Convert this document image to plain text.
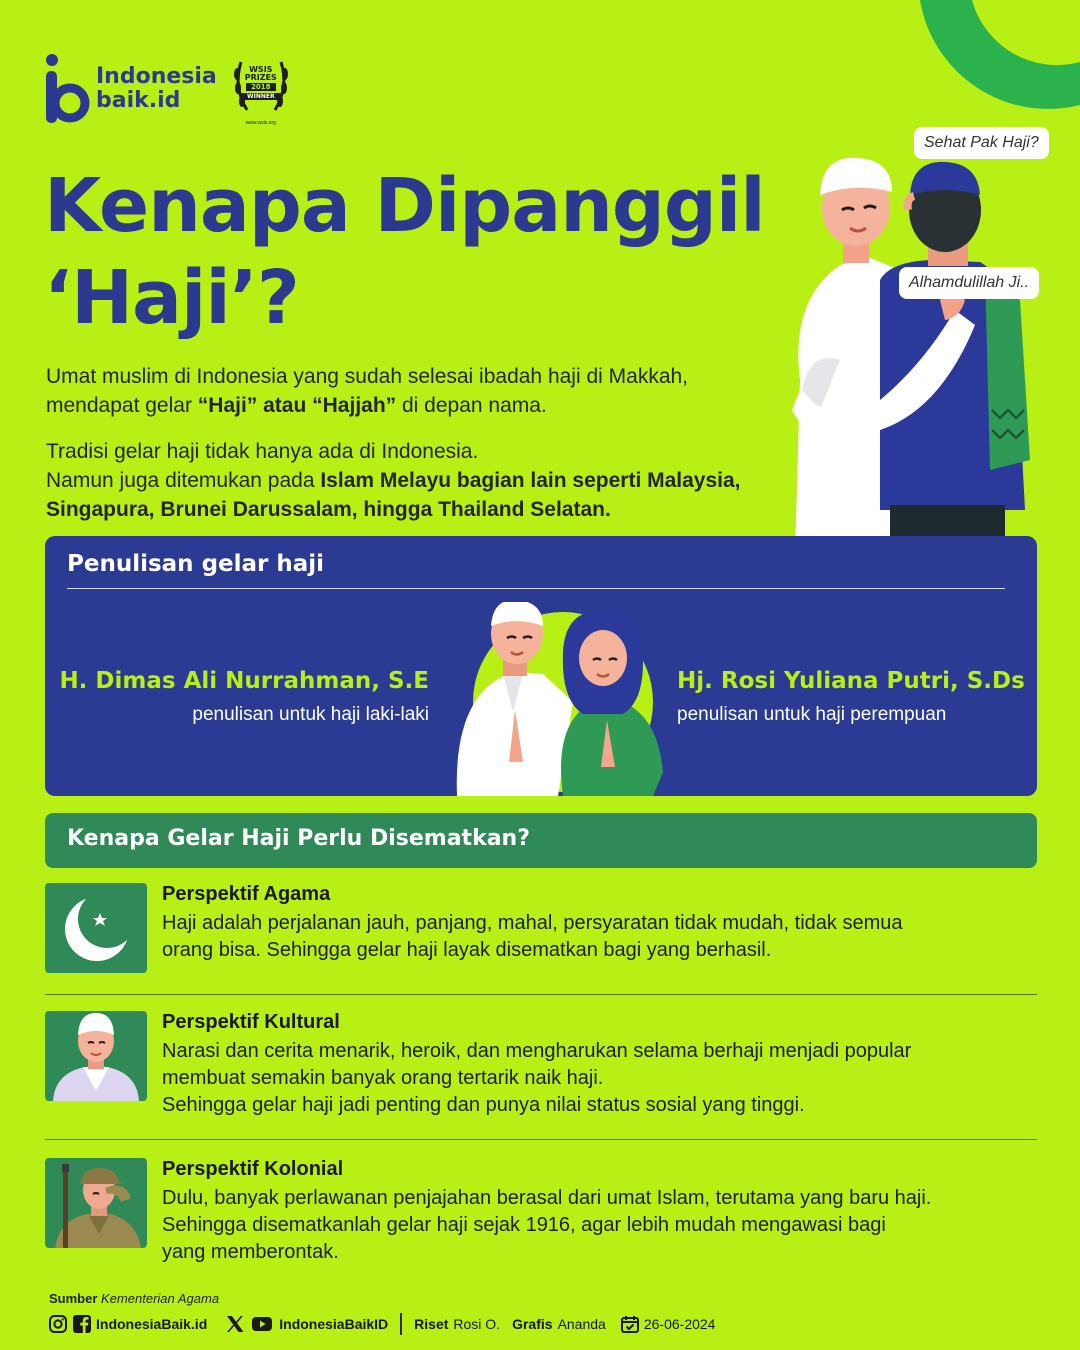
Indonesia
baik.id
WSIS
PRIZES
2018
WINNER
www.wsis.org
Kenapa Dipanggil
‘Haji’?
Sehat Pak Haji?
Alhamdulillah Ji..

Umat muslim di Indonesia yang sudah selesai ibadah haji di Makkah,
mendapat gelar “Haji” atau “Hajjah” di depan nama.

Tradisi gelar haji tidak hanya ada di Indonesia.
Namun juga ditemukan pada Islam Melayu bagian lain seperti Malaysia,
Singapura, Brunei Darussalam, hingga Thailand Selatan.

Penulisan gelar haji
H. Dimas Ali Nurrahman, S.E
penulisan untuk haji laki-laki
Hj. Rosi Yuliana Putri, S.Ds
penulisan untuk haji perempuan
Kenapa Gelar Haji Perlu Disematkan?
Perspektif Agama
Haji adalah perjalanan jauh, panjang, mahal, persyaratan tidak mudah, tidak semua
orang bisa. Sehingga gelar haji layak disematkan bagi yang berhasil.
Perspektif Kultural
Narasi dan cerita menarik, heroik, dan mengharukan selama berhaji menjadi popular
membuat semakin banyak orang tertarik naik haji.
Sehingga gelar haji jadi penting dan punya nilai status sosial yang tinggi.
Perspektif Kolonial
Dulu, banyak perlawanan penjajahan berasal dari umat Islam, terutama yang baru haji.
Sehingga disematkanlah gelar haji sejak 1916, agar lebih mudah mengawasi bagi
yang memberontak.
Sumber Kementerian Agama
IndonesiaBaik.id	IndonesiaBaikID Riset Rosi O. Grafis Ananda	26-06-2024
